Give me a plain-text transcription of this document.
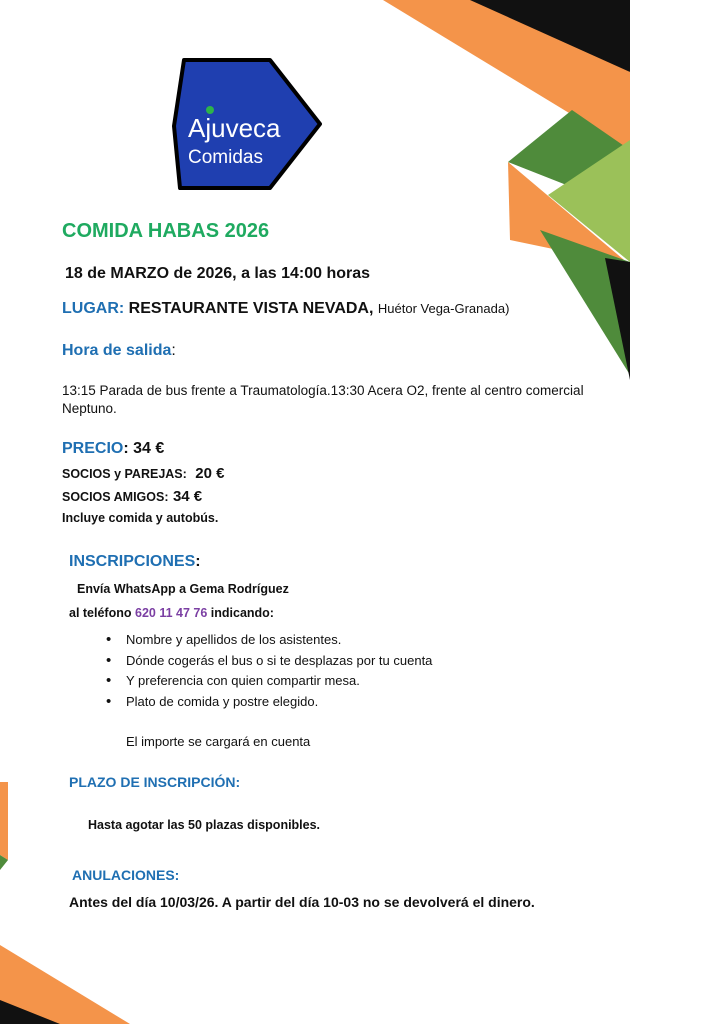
Ajuveca
Comidas
COMIDA HABAS 2026
18 de MARZO de 2026, a las 14:00 horas
LUGAR: RESTAURANTE VISTA NEVADA, Huétor Vega-Granada)
Hora de salida:
13:15 Parada de bus frente a Traumatología.13:30 Acera O2, frente al centro comercial
Neptuno.
PRECIO: 34 €
SOCIOS y PAREJAS: 20 €
SOCIOS AMIGOS: 34 €
Incluye comida y autobús.
INSCRIPCIONES:
Envía WhatsApp a Gema Rodríguez
al teléfono 620 11 47 76 indicando:
• Nombre y apellidos de los asistentes.
• Dónde cogerás el bus o si te desplazas por tu cuenta
• Y preferencia con quien compartir mesa.
• Plato de comida y postre elegido.
El importe se cargará en cuenta
PLAZO DE INSCRIPCIÓN:
Hasta agotar las 50 plazas disponibles.
ANULACIONES:
Antes del día 10/03/26. A partir del día 10-03 no se devolverá el dinero.
